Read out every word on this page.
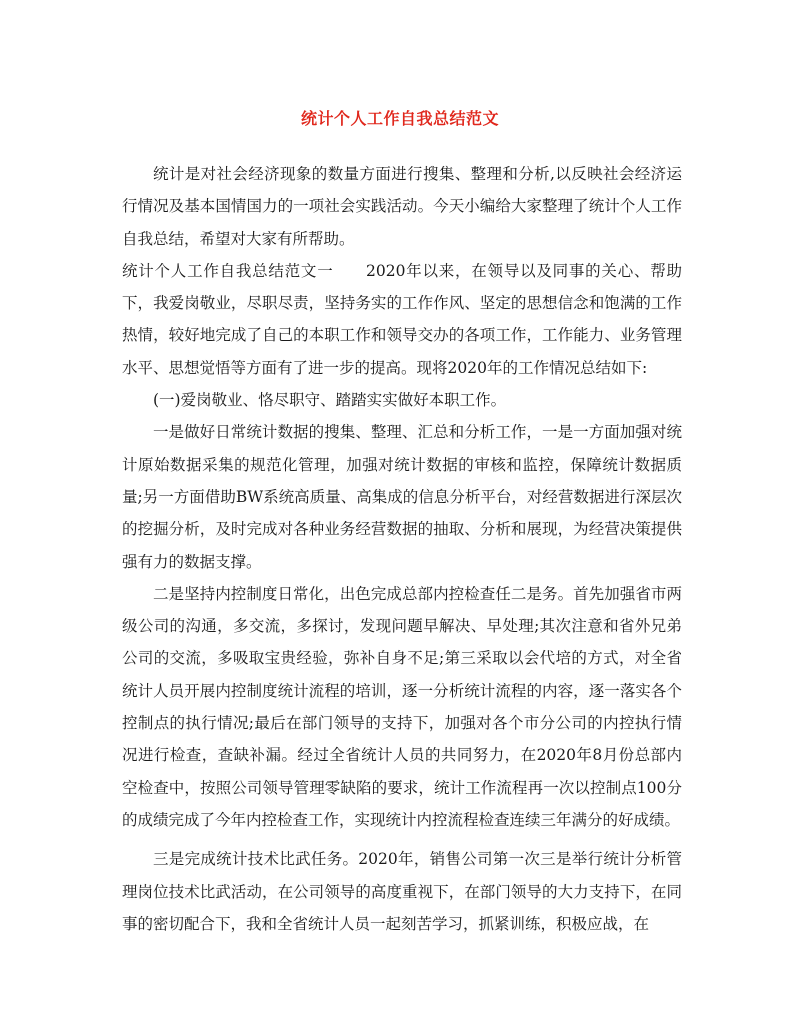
统计个人工作自我总结范文

统计是对社会经济现象的数量方面进行搜集、整理和分析,以反映社会经济运行情况及基本国情国力的一项社会实践活动。今天小编给大家整理了统计个人工作自我总结，希望对大家有所帮助。

统计个人工作自我总结范文一 2020年以来，在领导以及同事的关心、帮助下，我爱岗敬业，尽职尽责，坚持务实的工作作风、坚定的思想信念和饱满的工作热情，较好地完成了自己的本职工作和领导交办的各项工作，工作能力、业务管理水平、思想觉悟等方面有了进一步的提高。现将2020年的工作情况总结如下:

(一)爱岗敬业、恪尽职守、踏踏实实做好本职工作。

一是做好日常统计数据的搜集、整理、汇总和分析工作，一是一方面加强对统计原始数据采集的规范化管理，加强对统计数据的审核和监控，保障统计数据质量;另一方面借助BW系统高质量、高集成的信息分析平台，对经营数据进行深层次的挖掘分析，及时完成对各种业务经营数据的抽取、分析和展现，为经营决策提供强有力的数据支撑。

二是坚持内控制度日常化，出色完成总部内控检查任二是务。首先加强省市两级公司的沟通，多交流，多探讨，发现问题早解决、早处理;其次注意和省外兄弟公司的交流，多吸取宝贵经验，弥补自身不足;第三采取以会代培的方式，对全省统计人员开展内控制度统计流程的培训，逐一分析统计流程的内容，逐一落实各个控制点的执行情况;最后在部门领导的支持下，加强对各个市分公司的内控执行情况进行检查，查缺补漏。经过全省统计人员的共同努力，在2020年8月份总部内空检查中，按照公司领导管理零缺陷的要求，统计工作流程再一次以控制点100分的成绩完成了今年内控检查工作，实现统计内控流程检查连续三年满分的好成绩。

三是完成统计技术比武任务。2020年，销售公司第一次三是举行统计分析管理岗位技术比武活动，在公司领导的高度重视下，在部门领导的大力支持下，在同事的密切配合下，我和全省统计人员一起刻苦学习，抓紧训练，积极应战，在
